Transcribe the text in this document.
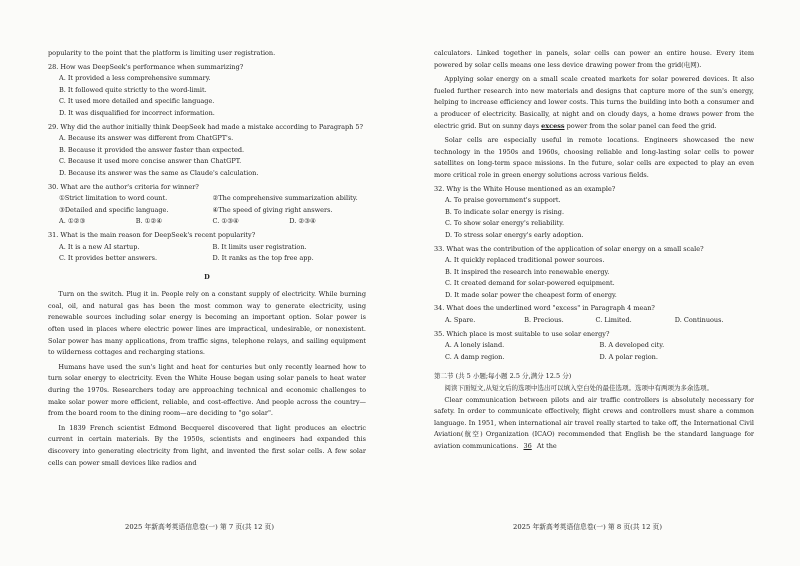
popularity to the point that the platform is limiting user registration.
28. How was DeepSeek's performance when summarizing?
A. It provided a less comprehensive summary.
B. It followed quite strictly to the word-limit.
C. It used more detailed and specific language.
D. It was disqualified for incorrect information.
29. Why did the author initially think DeepSeek had made a mistake according to Paragraph 5?
A. Because its answer was different from ChatGPT's.
B. Because it provided the answer faster than expected.
C. Because it used more concise answer than ChatGPT.
D. Because its answer was the same as Claude's calculation.
30. What are the author's criteria for winner?
①Strict limitation to word count.	②The comprehensive summarization ability.
③Detailed and specific language.	④The speed of giving right answers.
A. ①②③	B. ①②④	C. ①③④	D. ②③④
31. What is the main reason for DeepSeek's recent popularity?
A. It is a new AI startup.	B. It limits user registration.
C. It provides better answers.	D. It ranks as the top free app.
D
Turn on the switch. Plug it in. People rely on a constant supply of electricity. While burning coal, oil, and natural gas has been the most common way to generate electricity, using renewable sources including solar energy is becoming an important option. Solar power is often used in places where electric power lines are impractical, undesirable, or nonexistent. Solar power has many applications, from traffic signs, telephone relays, and sailing equipment to wilderness cottages and recharging stations.
Humans have used the sun's light and heat for centuries but only recently learned how to turn solar energy to electricity. Even the White House began using solar panels to heat water during the 1970s. Researchers today are approaching technical and economic challenges to make solar power more efficient, reliable, and cost-effective. And people across the country—from the board room to the dining room—are deciding to "go solar".
In 1839 French scientist Edmond Becquerel discovered that light produces an electric current in certain materials. By the 1950s, scientists and engineers had expanded this discovery into generating electricity from light, and invented the first solar cells. A few solar cells can power small devices like radios and
2025 年新高考英语信息卷(一) 第 7 页(共 12 页)
calculators. Linked together in panels, solar cells can power an entire house. Every item powered by solar cells means one less device drawing power from the grid(电网).
Applying solar energy on a small scale created markets for solar powered devices. It also fueled further research into new materials and designs that capture more of the sun's energy, helping to increase efficiency and lower costs. This turns the building into both a consumer and a producer of electricity. Basically, at night and on cloudy days, a home draws power from the electric grid. But on sunny days excess power from the solar panel can feed the grid.
Solar cells are especially useful in remote locations. Engineers showcased the new technology in the 1950s and 1960s, choosing reliable and long-lasting solar cells to power satellites on long-term space missions. In the future, solar cells are expected to play an even more critical role in green energy solutions across various fields.
32. Why is the White House mentioned as an example?
A. To praise government's support.
B. To indicate solar energy is rising.
C. To show solar energy's reliability.
D. To stress solar energy's early adoption.
33. What was the contribution of the application of solar energy on a small scale?
A. It quickly replaced traditional power sources.
B. It inspired the research into renewable energy.
C. It created demand for solar-powered equipment.
D. It made solar power the cheapest form of energy.
34. What does the underlined word "excess" in Paragraph 4 mean?
A. Spare.	B. Precious.	C. Limited.	D. Continuous.
35. Which place is most suitable to use solar energy?
A. A lonely island.	B. A developed city.
C. A damp region.	D. A polar region.
第二节 (共 5 小题;每小题 2.5 分,满分 12.5 分)
阅读下面短文,从短文后的选项中选出可以填入空白处的最佳选项。选项中有两项为多余选项。
Clear communication between pilots and air traffic controllers is absolutely necessary for safety. In order to communicate effectively, flight crews and controllers must share a common language. In 1951, when international air travel really started to take off, the International Civil Aviation(航空) Organization (ICAO) recommended that English be the standard language for aviation communications. 36 At the
2025 年新高考英语信息卷(一) 第 8 页(共 12 页)
